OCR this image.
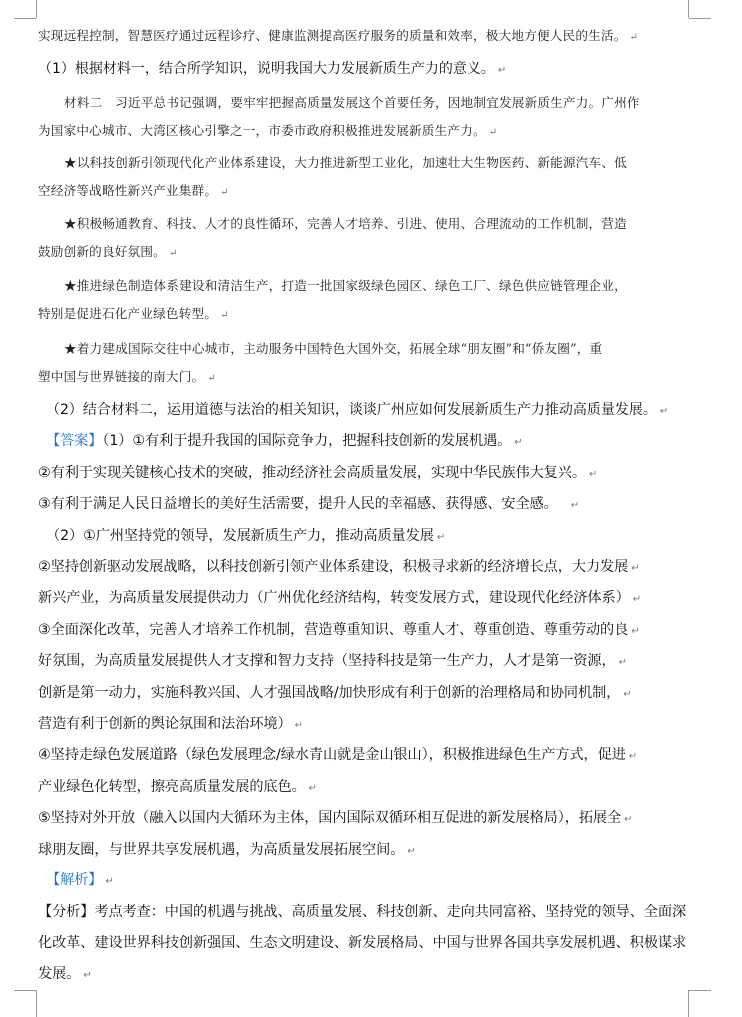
实现远程控制，智慧医疗通过远程诊疗、健康监测提高医疗服务的质量和效率，极大地方便人民的生活。 ↵
（1）根据材料一，结合所学知识，说明我国大力发展新质生产力的意义。 ↵
材料二　习近平总书记强调，要牢牢把握高质量发展这个首要任务，因地制宜发展新质生产力。广州作
为国家中心城市、大湾区核心引擎之一，市委市政府积极推进发展新质生产力。 ↵
★以科技创新引领现代化产业体系建设，大力推进新型工业化，加速壮大生物医药、新能源汽车、低
空经济等战略性新兴产业集群。 ↵
★积极畅通教育、科技、人才的良性循环，完善人才培养、引进、使用、合理流动的工作机制，营造
鼓励创新的良好氛围。 ↵
★推进绿色制造体系建设和清洁生产，打造一批国家级绿色园区、绿色工厂、绿色供应链管理企业，
特别是促进石化产业绿色转型。 ↵
★着力建成国际交往中心城市，主动服务中国特色大国外交，拓展全球“朋友圈”和“侨友圈”，重
塑中国与世界链接的南大门。 ↵
（2）结合材料二，运用道德与法治的相关知识，谈谈广州应如何发展新质生产力推动高质量发展。 ↵
【答案】（1）①有利于提升我国的国际竞争力，把握科技创新的发展机遇。 ↵
②有利于实现关键核心技术的突破，推动经济社会高质量发展，实现中华民族伟大复兴。 ↵
③有利于满足人民日益增长的美好生活需要，提升人民的幸福感、获得感、安全感。 ↵
（2）①广州坚持党的领导，发展新质生产力，推动高质量发展 ↵
②坚持创新驱动发展战略，以科技创新引领产业体系建设，积极寻求新的经济增长点，大力发展 ↵
新兴产业，为高质量发展提供动力（广州优化经济结构，转变发展方式，建设现代化经济体系） ↵
③全面深化改革，完善人才培养工作机制，营造尊重知识、尊重人才、尊重创造、尊重劳动的良 ↵
好氛围，为高质量发展提供人才支撑和智力支持（坚持科技是第一生产力，人才是第一资源， ↵
创新是第一动力，实施科教兴国、人才强国战略/加快形成有利于创新的治理格局和协同机制， ↵
营造有利于创新的舆论氛围和法治环境） ↵
④坚持走绿色发展道路（绿色发展理念/绿水青山就是金山银山），积极推进绿色生产方式，促进 ↵
产业绿色化转型，擦亮高质量发展的底色。 ↵
⑤坚持对外开放（融入以国内大循环为主体，国内国际双循环相互促进的新发展格局），拓展全 ↵
球朋友圈，与世界共享发展机遇，为高质量发展拓展空间。 ↵
【解析】 ↵
【分析】考点考查：中国的机遇与挑战、高质量发展、科技创新、走向共同富裕、坚持党的领导、全面深
化改革、建设世界科技创新强国、生态文明建设、新发展格局、中国与世界各国共享发展机遇、积极谋求
发展。 ↵
